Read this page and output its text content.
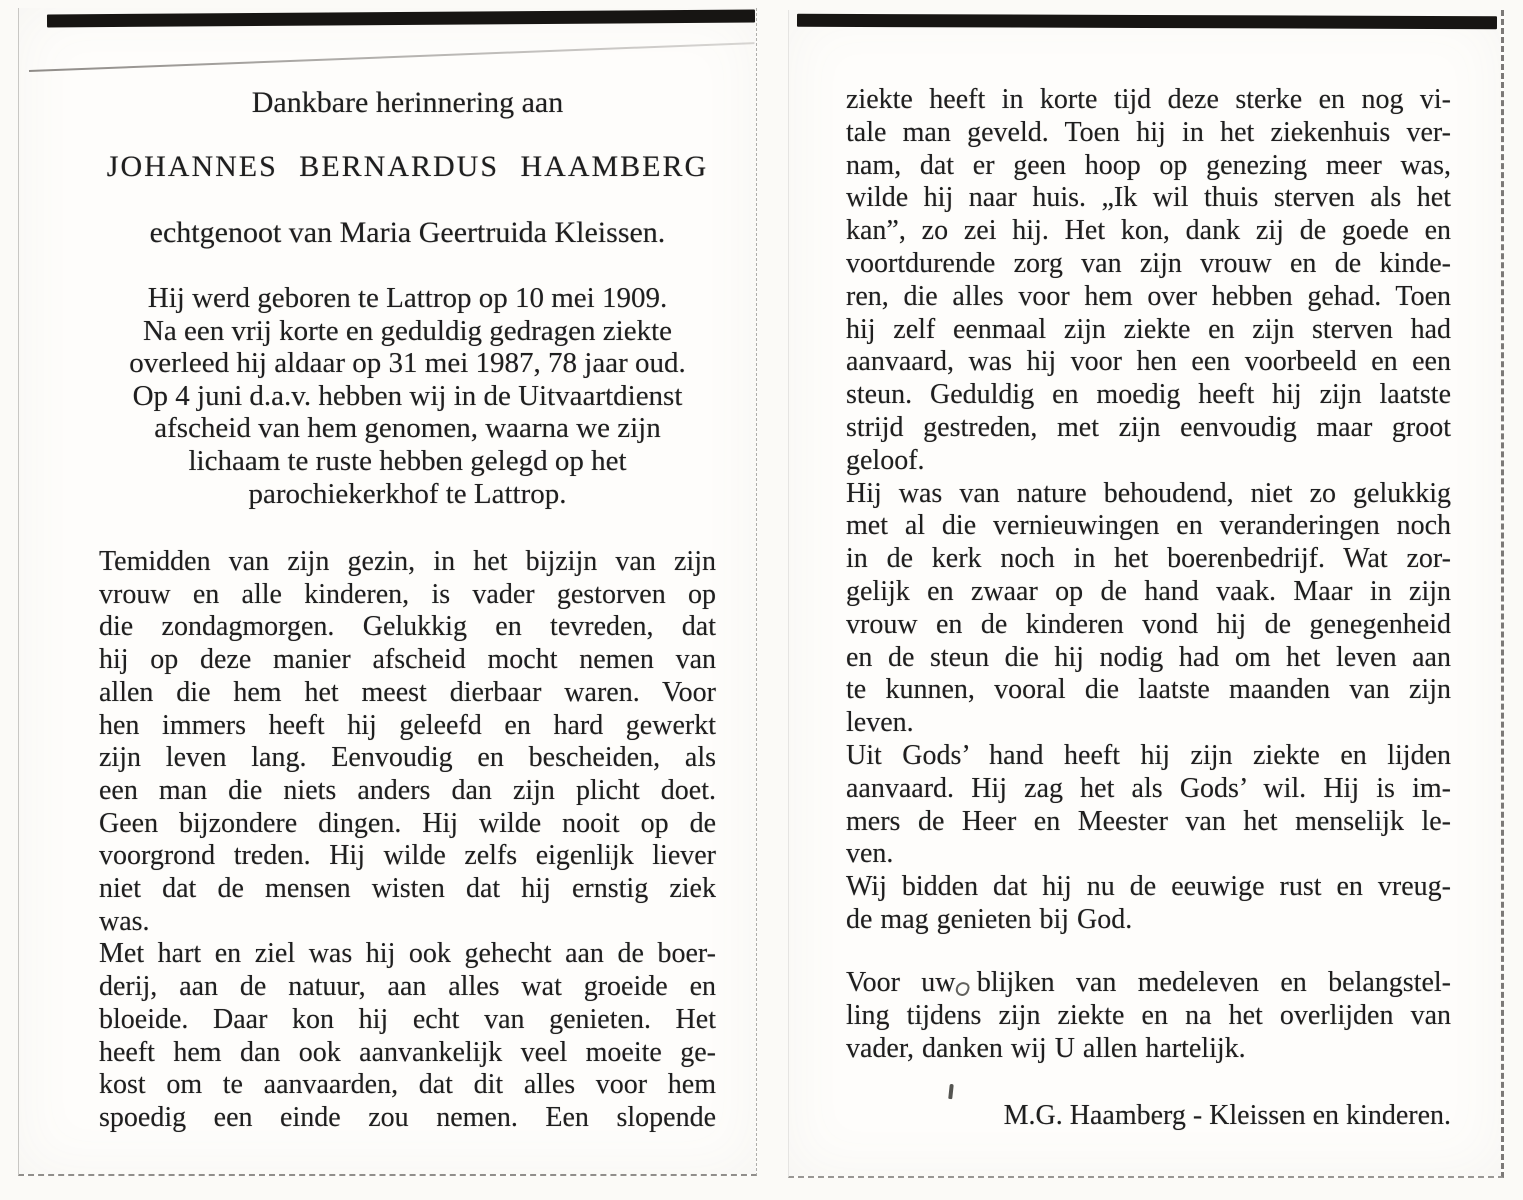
Dankbare herinnering aan
JOHANNES BERNARDUS HAAMBERG
echtgenoot van Maria Geertruida Kleissen.
Hij werd geboren te Lattrop op 10 mei 1909.
Na een vrij korte en geduldig gedragen ziekte
overleed hij aldaar op 31 mei 1987, 78 jaar oud.
Op 4 juni d.a.v. hebben wij in de Uitvaartdienst
afscheid van hem genomen, waarna we zijn
lichaam te ruste hebben gelegd op het
parochiekerkhof te Lattrop.
Temidden van zijn gezin, in het bijzijn van zijn
vrouw en alle kinderen, is vader gestorven op
die zondagmorgen. Gelukkig en tevreden, dat
hij op deze manier afscheid mocht nemen van
allen die hem het meest dierbaar waren. Voor
hen immers heeft hij geleefd en hard gewerkt
zijn leven lang. Eenvoudig en bescheiden, als
een man die niets anders dan zijn plicht doet.
Geen bijzondere dingen. Hij wilde nooit op de
voorgrond treden. Hij wilde zelfs eigenlijk liever
niet dat de mensen wisten dat hij ernstig ziek
was.
Met hart en ziel was hij ook gehecht aan de boer-
derij, aan de natuur, aan alles wat groeide en
bloeide. Daar kon hij echt van genieten. Het
heeft hem dan ook aanvankelijk veel moeite ge-
kost om te aanvaarden, dat dit alles voor hem
spoedig een einde zou nemen. Een slopende
ziekte heeft in korte tijd deze sterke en nog vi-
tale man geveld. Toen hij in het ziekenhuis ver-
nam, dat er geen hoop op genezing meer was,
wilde hij naar huis. „Ik wil thuis sterven als het
kan”, zo zei hij. Het kon, dank zij de goede en
voortdurende zorg van zijn vrouw en de kinde-
ren, die alles voor hem over hebben gehad. Toen
hij zelf eenmaal zijn ziekte en zijn sterven had
aanvaard, was hij voor hen een voorbeeld en een
steun. Geduldig en moedig heeft hij zijn laatste
strijd gestreden, met zijn eenvoudig maar groot
geloof.
Hij was van nature behoudend, niet zo gelukkig
met al die vernieuwingen en veranderingen noch
in de kerk noch in het boerenbedrijf. Wat zor-
gelijk en zwaar op de hand vaak. Maar in zijn
vrouw en de kinderen vond hij de genegenheid
en de steun die hij nodig had om het leven aan
te kunnen, vooral die laatste maanden van zijn
leven.
Uit Gods’ hand heeft hij zijn ziekte en lijden
aanvaard. Hij zag het als Gods’ wil. Hij is im-
mers de Heer en Meester van het menselijk le-
ven.
Wij bidden dat hij nu de eeuwige rust en vreug-
de mag genieten bij God.
Voor uw blijken van medeleven en belangstel-
ling tijdens zijn ziekte en na het overlijden van
vader, danken wij U allen hartelijk.
M.G. Haamberg - Kleissen en kinderen.
